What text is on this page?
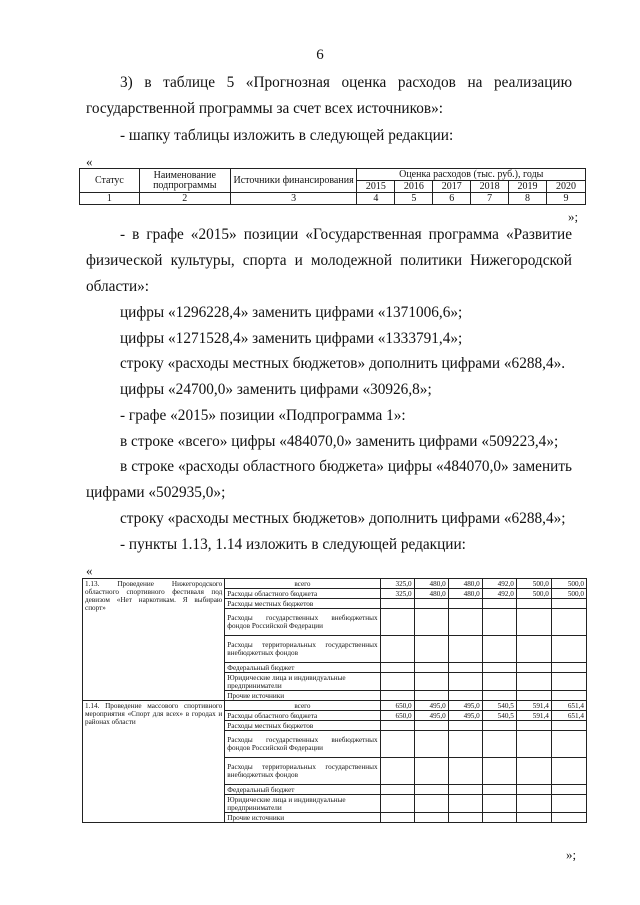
6
3) в таблице 5 «Прогнозная оценка расходов на реализацию
государственной программы за счет всех источников»:
- шапку таблицы изложить в следующей редакции:
«
Статус	Наименование подпрограммы	Источники финансирования	Оценка расходов (тыс. руб.), годы					
			2015	2016	2017	2018	2019	2020
1	2	3	4	5	6	7	8	9
»;
- в графе «2015» позиции «Государственная программа «Развитие
физической культуры, спорта и молодежной политики Нижегородской
области»:
цифры «1296228,4» заменить цифрами «1371006,6»;
цифры «1271528,4» заменить цифрами «1333791,4»;
строку «расходы местных бюджетов» дополнить цифрами «6288,4».
цифры «24700,0» заменить цифрами «30926,8»;
- графе «2015» позиции «Подпрограмма 1»:
в строке «всего» цифры «484070,0» заменить цифрами «509223,4»;
в строке «расходы областного бюджета» цифры «484070,0» заменить
цифрами «502935,0»;
строку «расходы местных бюджетов» дополнить цифрами «6288,4»;
- пункты 1.13, 1.14 изложить в следующей редакции:
«
1.13. Проведение Нижегородского областного спортивного фестиваля под девизом «Нет наркотикам. Я выбираю спорт»	всего	325,0	480,0	480,0	492,0	500,0	500,0
	Расходы областного бюджета	325,0	480,0	480,0	492,0	500,0	500,0
	Расходы местных бюджетов						
	Расходы государственных внебюджетных фондов Российской Федерации						
	Расходы территориальных государственных внебюджетных фондов						
	Федеральный бюджет						
	Юридические лица и индивидуальные предприниматели						
	Прочие источники						
1.14. Проведение массового спортивного мероприятия «Спорт для всех» в городах и районах области	всего	650,0	495,0	495,0	540,5	591,4	651,4
	Расходы областного бюджета	650,0	495,0	495,0	540,5	591,4	651,4
	Расходы местных бюджетов						
	Расходы государственных внебюджетных фондов Российской Федерации						
	Расходы территориальных государственных внебюджетных фондов						
	Федеральный бюджет						
	Юридические лица и индивидуальные предприниматели						
	Прочие источники						
»;
